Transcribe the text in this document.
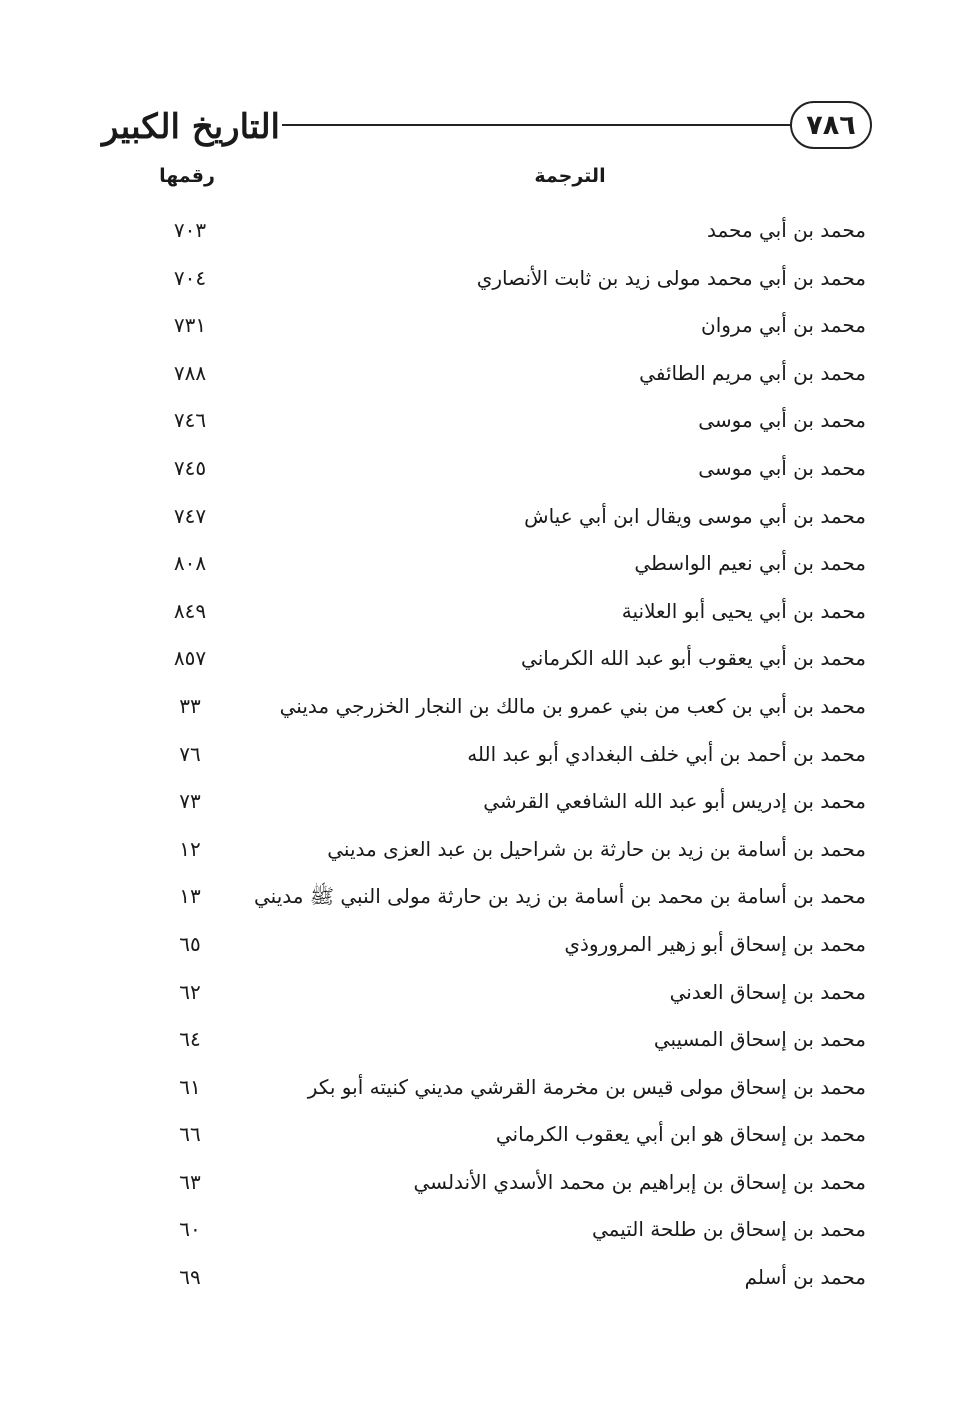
٧٨٦
التاريخ الكبير
الترجمة
رقمها
محمد بن أبي محمد
٧٠٣
محمد بن أبي محمد مولى زيد بن ثابت الأنصاري
٧٠٤
محمد بن أبي مروان
٧٣١
محمد بن أبي مريم الطائفي
٧٨٨
محمد بن أبي موسى
٧٤٦
محمد بن أبي موسى
٧٤٥
محمد بن أبي موسى ويقال ابن أبي عياش
٧٤٧
محمد بن أبي نعيم الواسطي
٨٠٨
محمد بن أبي يحيى أبو العلانية
٨٤٩
محمد بن أبي يعقوب أبو عبد الله الكرماني
٨٥٧
محمد بن أبي بن كعب من بني عمرو بن مالك بن النجار الخزرجي مديني
٣٣
محمد بن أحمد بن أبي خلف البغدادي أبو عبد الله
٧٦
محمد بن إدريس أبو عبد الله الشافعي القرشي
٧٣
محمد بن أسامة بن زيد بن حارثة بن شراحيل بن عبد العزى مديني
١٢
محمد بن أسامة بن محمد بن أسامة بن زيد بن حارثة مولى النبي ﷺ مديني
١٣
محمد بن إسحاق أبو زهير المروروذي
٦٥
محمد بن إسحاق العدني
٦٢
محمد بن إسحاق المسيبي
٦٤
محمد بن إسحاق مولى قيس بن مخرمة القرشي مديني كنيته أبو بكر
٦١
محمد بن إسحاق هو ابن أبي يعقوب الكرماني
٦٦
محمد بن إسحاق بن إبراهيم بن محمد الأسدي الأندلسي
٦٣
محمد بن إسحاق بن طلحة التيمي
٦٠
محمد بن أسلم
٦٩
